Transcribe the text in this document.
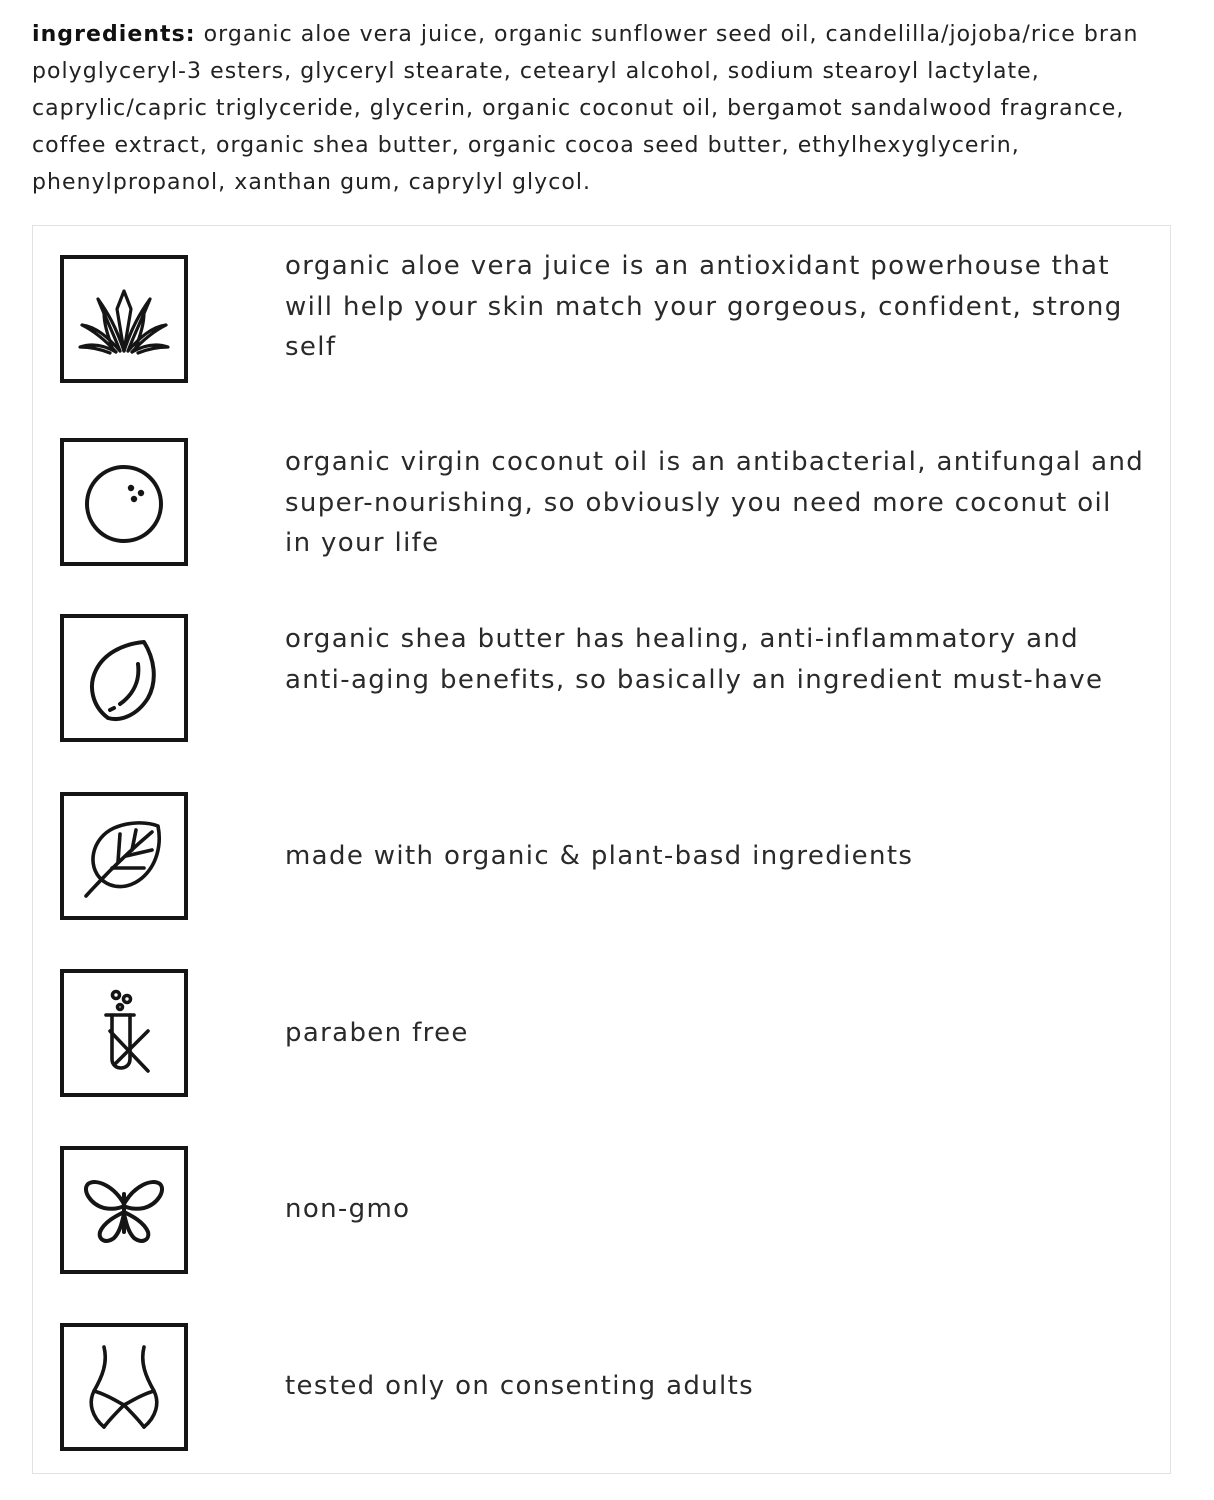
ingredients: organic aloe vera juice, organic sunflower seed oil, candelilla/jojoba/rice bran polyglyceryl-3 esters, glyceryl stearate, cetearyl alcohol, sodium stearoyl lactylate, caprylic/capric triglyceride, glycerin, organic coconut oil, bergamot sandalwood fragrance, coffee extract, organic shea butter, organic cocoa seed butter, ethylhexyglycerin, phenylpropanol, xanthan gum, caprylyl glycol.

organic aloe vera juice is an antioxidant powerhouse that will help your skin match your gorgeous, confident, strong self

organic virgin coconut oil is an antibacterial, antifungal and super-nourishing, so obviously you need more coconut oil in your life

organic shea butter has healing, anti-inflammatory and anti-aging benefits, so basically an ingredient must-have

made with organic & plant-basd ingredients

paraben free

non-gmo

tested only on consenting adults
